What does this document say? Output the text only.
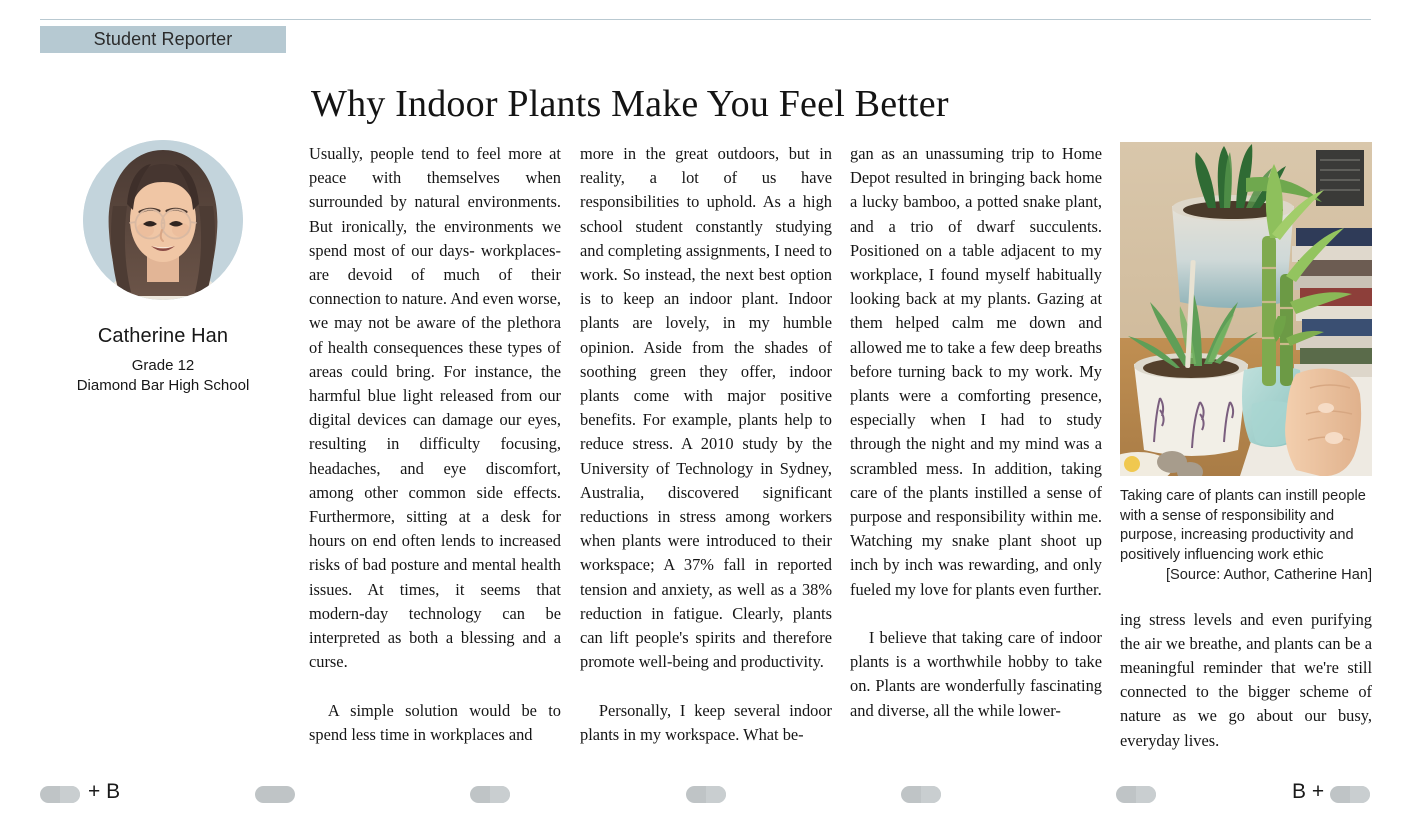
Student Reporter
Why Indoor Plants Make You Feel Better
Catherine Han
Grade 12
Diamond Bar High School

Usually, people tend to feel more at peace with themselves when surrounded by natural environments. But ironically, the environments we spend most of our days- workplaces- are devoid of much of their connection to nature. And even worse, we may not be aware of the plethora of health consequences these types of areas could bring. For instance, the harmful blue light released from our digital devices can damage our eyes, resulting in difficulty focusing, headaches, and eye discomfort, among other common side effects. Furthermore, sitting at a desk for hours on end often lends to increased risks of bad posture and mental health issues. At times, it seems that modern-day technology can be interpreted as both a blessing and a curse.

A simple solution would be to spend less time in workplaces and

more in the great outdoors, but in reality, a lot of us have responsibilities to uphold. As a high school student constantly studying and completing assignments, I need to work. So instead, the next best option is to keep an indoor plant. Indoor plants are lovely, in my humble opinion. Aside from the shades of soothing green they offer, indoor plants come with major positive benefits. For example, plants help to reduce stress. A 2010 study by the University of Technology in Sydney, Australia, discovered significant reductions in stress among workers when plants were introduced to their workspace; A 37% fall in reported tension and anxiety, as well as a 38% reduction in fatigue. Clearly, plants can lift people's spirits and therefore promote well-being and productivity.

Personally, I keep several indoor plants in my workspace. What be-

gan as an unassuming trip to Home Depot resulted in bringing back home a lucky bamboo, a potted snake plant, and a trio of dwarf succulents. Positioned on a table adjacent to my workplace, I found myself habitually looking back at my plants. Gazing at them helped calm me down and allowed me to take a few deep breaths before turning back to my work. My plants were a comforting presence, especially when I had to study through the night and my mind was a scrambled mess. In addition, taking care of the plants instilled a sense of purpose and responsibility within me. Watching my snake plant shoot up inch by inch was rewarding, and only fueled my love for plants even further.

I believe that taking care of indoor plants is a worthwhile hobby to take on. Plants are wonderfully fascinating and diverse, all the while lower-

Taking care of plants can instill people with a sense of responsibility and purpose, increasing productivity and positively influencing work ethic
[Source: Author, Catherine Han]

ing stress levels and even purifying the air we breathe, and plants can be a meaningful reminder that we're still connected to the bigger scheme of nature as we go about our busy, everyday lives.

+ B	B +
